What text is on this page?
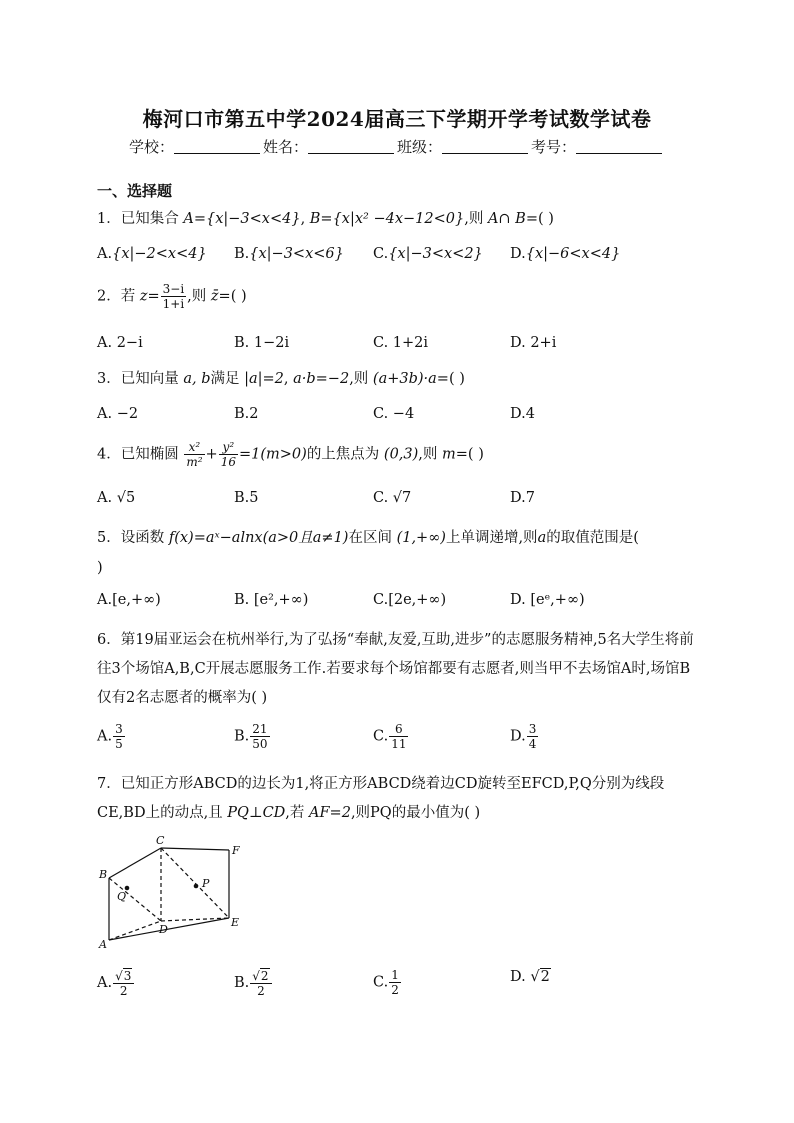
梅河口市第五中学2024届高三下学期开学考试数学试卷
学校：	姓名：	班级：	考号：
一、选择题
1．已知集合 A={x|−3<x<4}, B={x|x² −4x−12<0},则 A∩ B=( )
A.{x|−2<x<4} B.{x|−3<x<6} C.{x|−3<x<2} D.{x|−6<x<4}
2．若 $z= \frac{3-i}{1+i}$ ,则 z̄=( )
A. 2−i	B. 1−2i	C. 1+2i	D. 2+i
3．已知向量 a, b满足 |a|=2, a·b=−2,则 (a+3b)·a=( )
A. −2	B.2	C. −4	D.4
4．已知椭圆 $\frac{\text{x²}}{\text{m²}} + \frac{\text{y²}}{16} =1(m>0)$的上焦点为 (0,3),则 m=( )
A. √5	B.5	C. √7	D.7
5．设函数 f(x)=aˣ−alnx(a>0且a≠1)在区间 (1,+∞)上单调递增,则a的取值范围是(
)
A.[e,+∞)	B. [e²,+∞)	C.[2e,+∞)	D. [eᵉ,+∞)
6．第19届亚运会在杭州举行,为了弘扬“奉献,友爱,互助,进步”的志愿服务精神,5名大学生将前往3个场馆A,B,C开展志愿服务工作.若要求每个场馆都要有志愿者,则当甲不去场馆A时,场馆B仅有2名志愿者的概率为( )
A. $\frac{3}{5}$	B. $\frac{21}{50}$	C. $\frac{6}{11}$	D. $\frac{3}{4}$
7．已知正方形ABCD的边长为1,将正方形ABCD绕着边CD旋转至EFCD,P,Q分别为线段CE,BD上的动点,且 PQ⊥CD,若 AF=2,则PQ的最小值为( )
A
B
C
D
E
F
P
Q
A. $\frac{√3}{2}$	B. $\frac{√2}{2}$	C. $\frac{1}{2}$	D. √2
